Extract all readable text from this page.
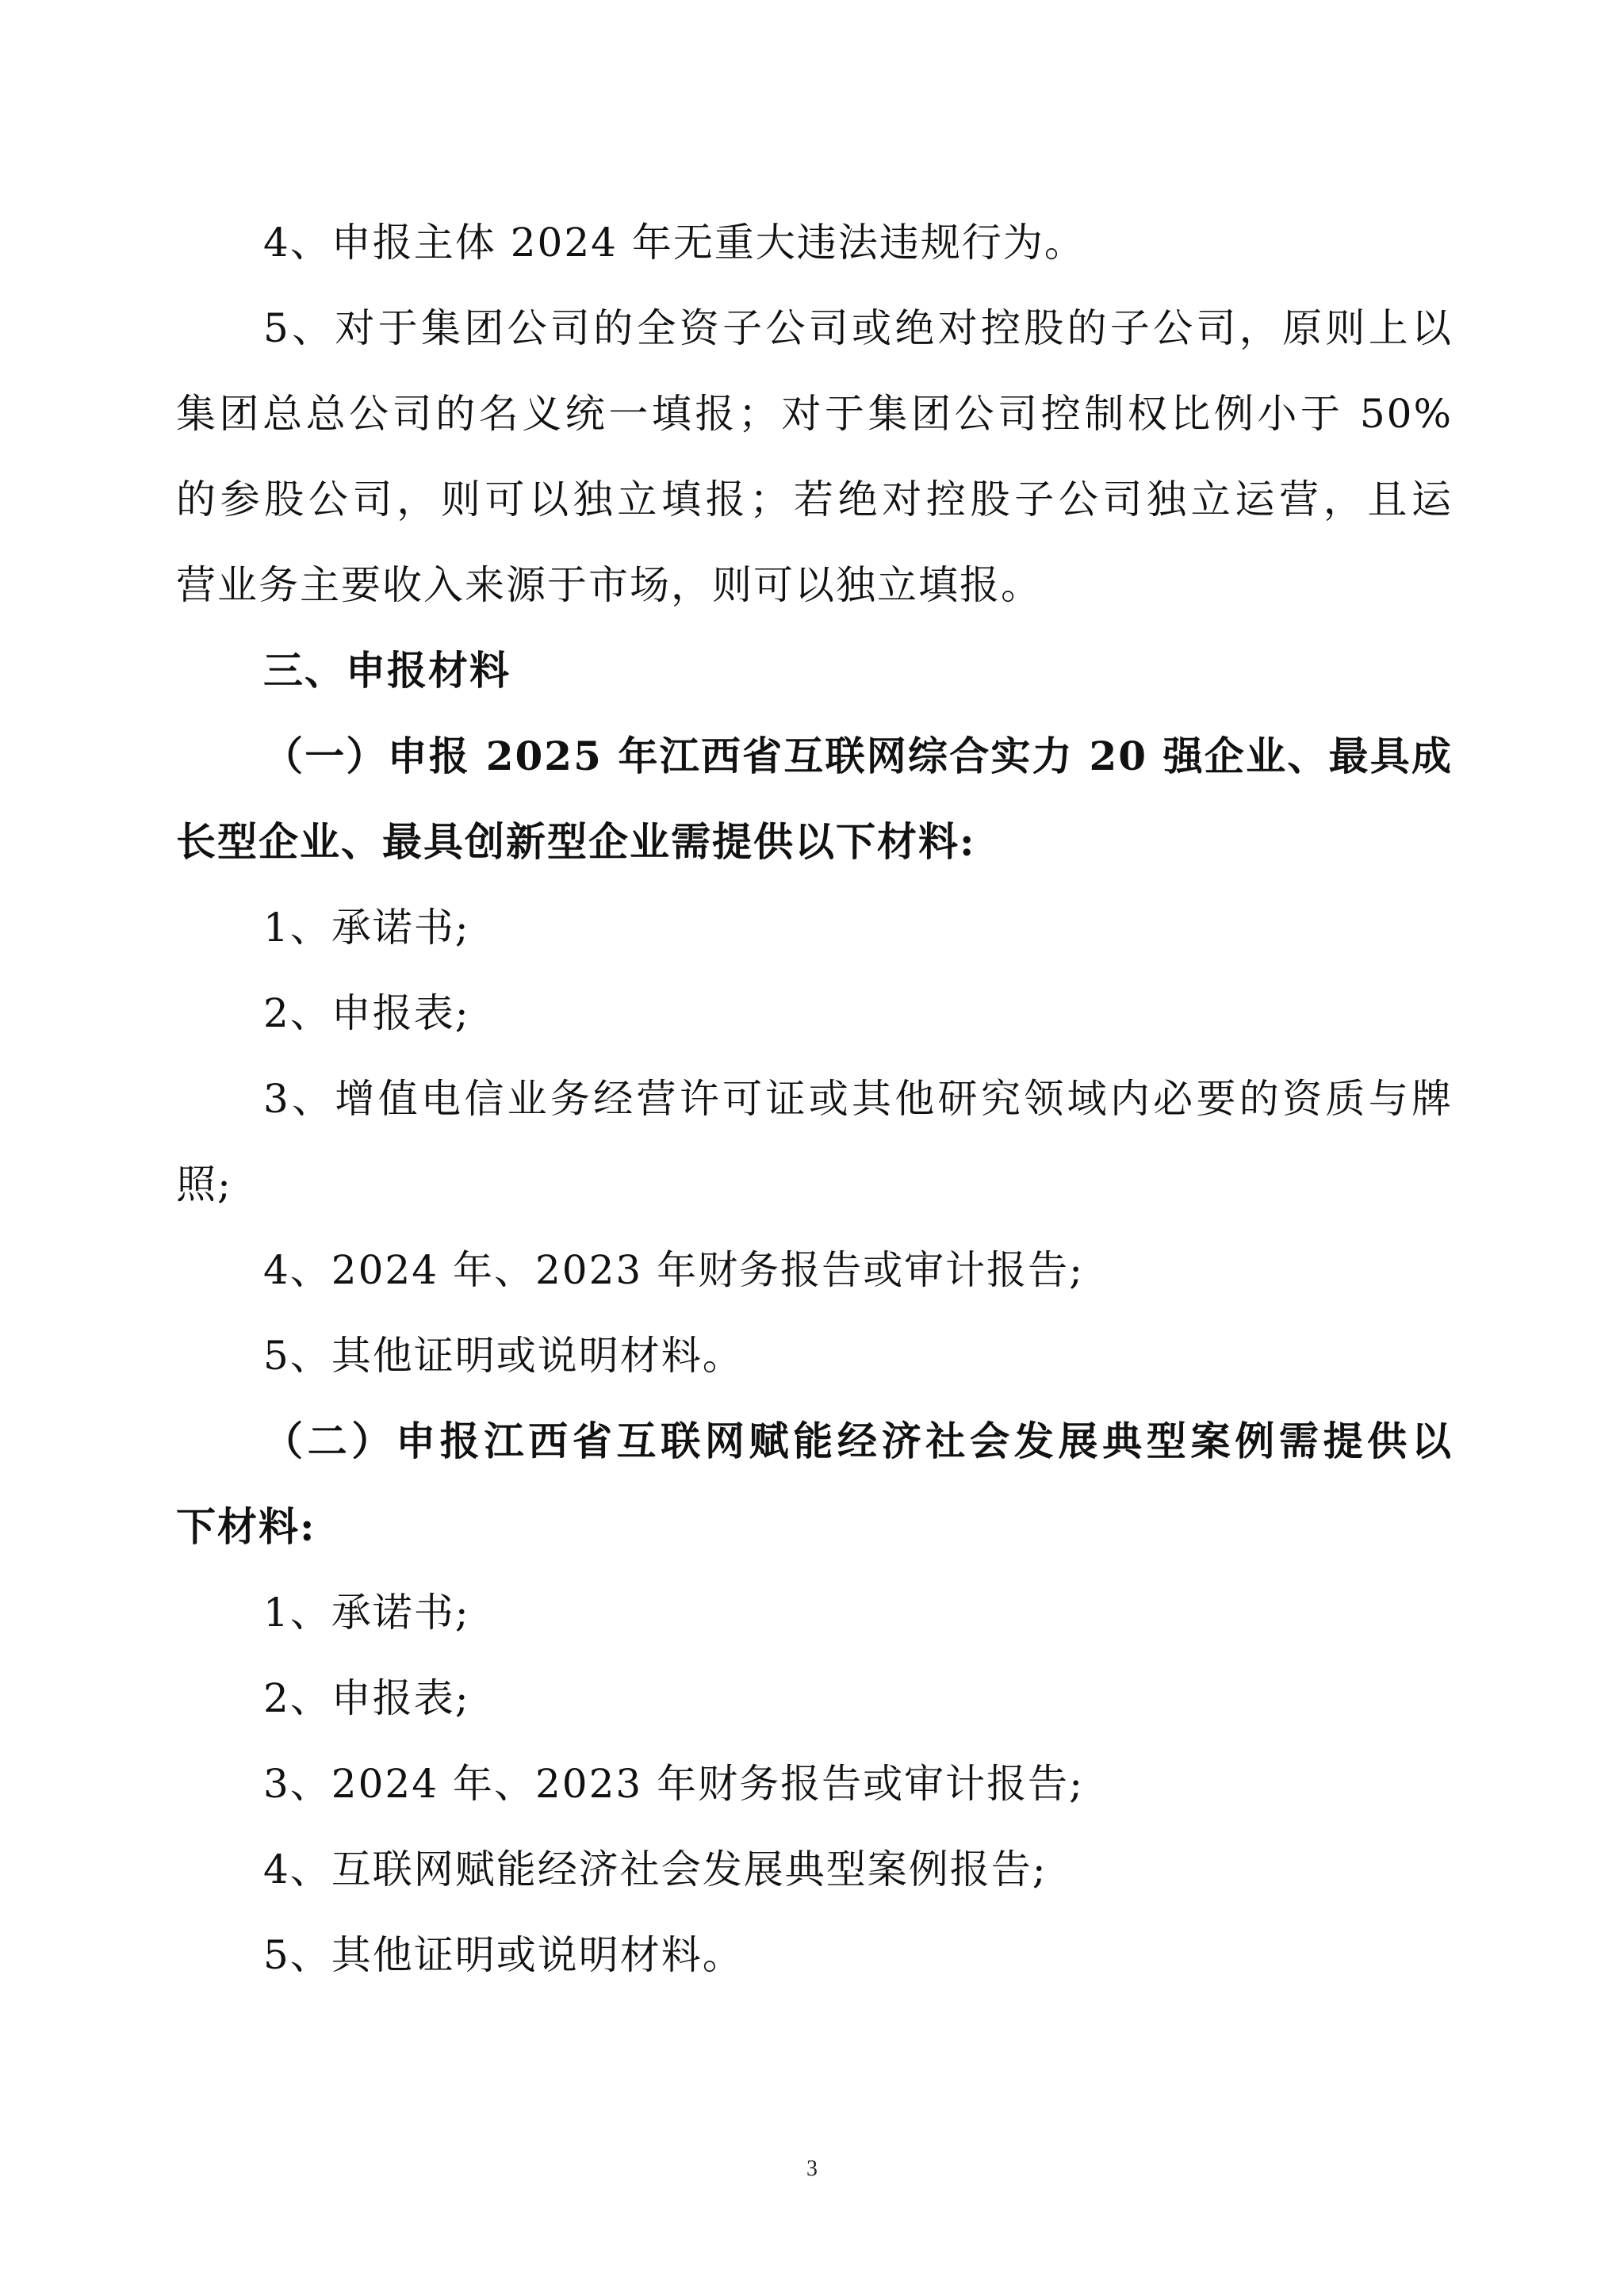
4、申报主体 2024 年无重大违法违规行为。
5、对于集团公司的全资子公司或绝对控股的子公司，原则上以
集团总总公司的名义统一填报；对于集团公司控制权比例小于 50%
的参股公司，则可以独立填报；若绝对控股子公司独立运营，且运
营业务主要收入来源于市场，则可以独立填报。
三、申报材料
（一）申报 2025 年江西省互联网综合实力 20 强企业、最具成
长型企业、最具创新型企业需提供以下材料:
1、承诺书;
2、申报表;
3、增值电信业务经营许可证或其他研究领域内必要的资质与牌
照;
4、2024 年、2023 年财务报告或审计报告;
5、其他证明或说明材料。
（二）申报江西省互联网赋能经济社会发展典型案例需提供以
下材料:
1、承诺书;
2、申报表;
3、2024 年、2023 年财务报告或审计报告;
4、互联网赋能经济社会发展典型案例报告;
5、其他证明或说明材料。
3
